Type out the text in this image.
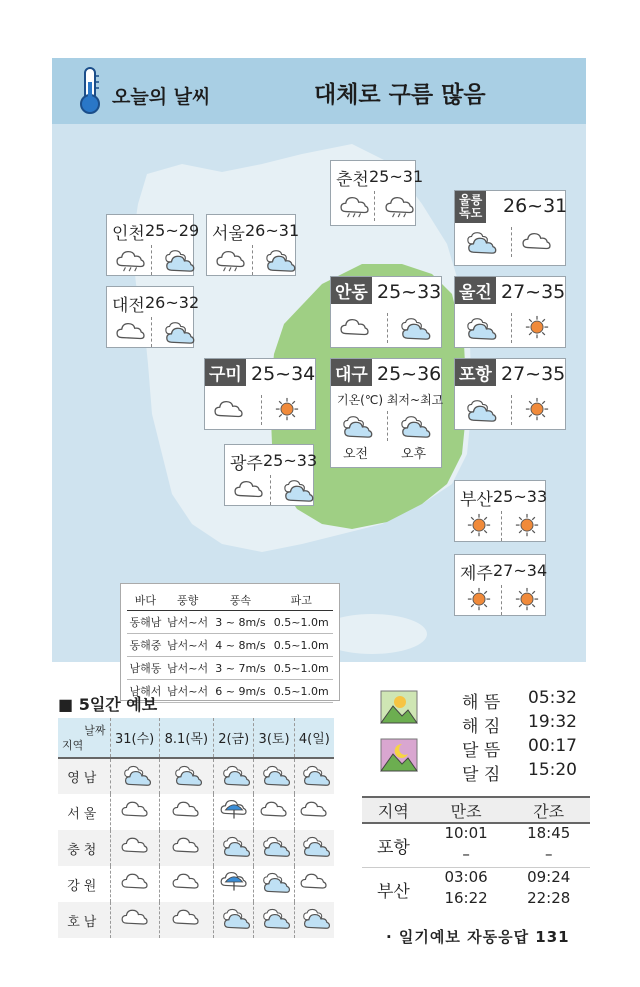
오늘의 날씨	대체로 구름 많음
바다	풍향	풍속	파고
동해남	남서~서	3 ~ 8m/s	0.5~1.0m
동해중	남서~서	4 ~ 8m/s	0.5~1.0m
남해동	남서~서	3 ~ 7m/s	0.5~1.0m
남해서	남서~서	6 ~ 9m/s	0.5~1.0m
춘천 25~31
인천 25~29 서울 26~31
울릉
독도 26~31
대전 26~32	안동 25~33 울진 27~35
구미 25~34 대구 25~36
기온(℃) 최저~최고
오전	오후
포항 27~35
광주 25~33
부산 25~33
제주 27~34
■ 5일간 예보
날짜
지역	31(수)	8.1(목)	2(금)	3(토)	4(일)
영남					
서울					
충청					
강원					
호남					
해 뜸 05:32
해 짐 19:32
달 뜸 00:17
달 짐 15:20
지역	만조	간조
포항	10:01	18:45
	–	–
부산	03:06	09:24
	16:22	22:28
· 일기예보 자동응답 131
